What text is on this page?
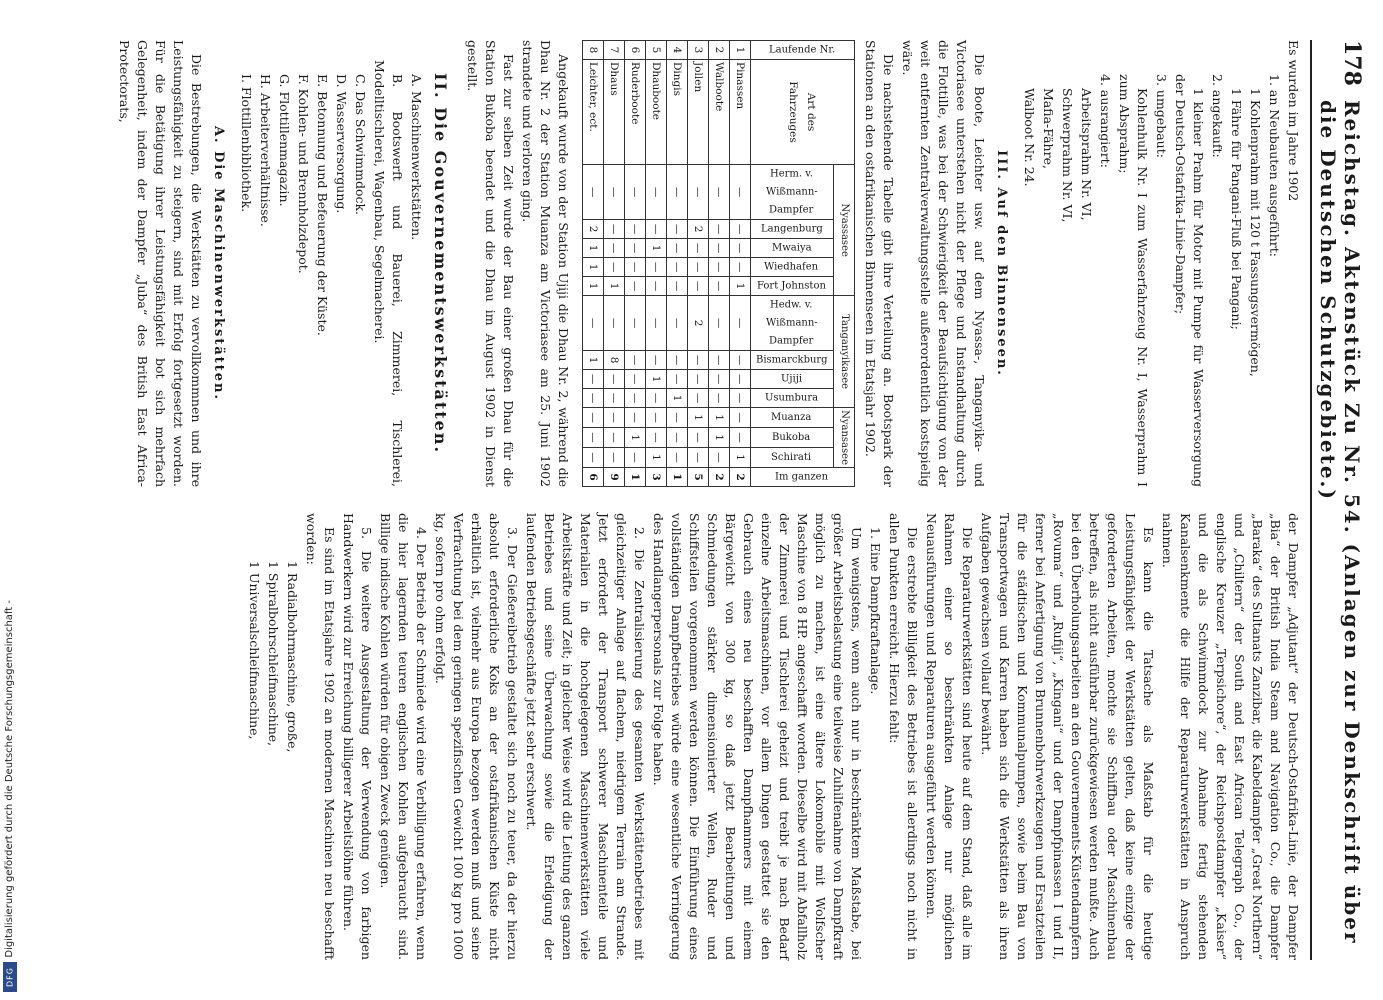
178
Reichstag. Aktenstück Zu Nr. 54. (Anlagen zur Denkschrift über die Deutschen Schutzgebiete.)

Es wurden im Jahre 1902

1. an Neubauten ausgeführt:

1 Kohlenprahm mit 120 t Fassungsvermögen,

1 Fähre für Pangani-Fluß bei Pangani;

2. angekauft:

1 kleiner Prahm für Motor mit Pumpe für Wasserversorgung der Deutsch-Ostafrika-Linie-Dampfer;

3. umgebaut:

Kohlenhulk Nr. I zum Wasserfahrzeug Nr. I, Wasserprahm I zum Absprahm;

4. ausrangiert:

Arbeitsprahm Nr. VI,

Schwerprahm Nr. VI,

Mafia-Fähre,

Walboot Nr. 24.

III. Auf den Binnenseen.

Die Boote, Leichter usw. auf dem Nyassa-, Tanganyika- und Victoriasee unterstehen nicht der Pflege und Instandhaltung durch die Flottille, was bei der Schwierigkeit der Beaufsichtigung von der weit entfernten Zentralverwaltungsstelle außerordentlich kostspielig wäre.

Die nachstehende Tabelle gibt ihre Verteilung an. Bootspark der Stationen an den ostafrikanischen Binnenseen im Etatsjahr 1902.

Laufende Nr.	Art des Fahrzeuges	Nyassasee					Tanganyikasee				Nyansasee			Im ganzen
		Herm. v. Wißmann-Dampfer	Langenburg	Mwaiya	Wiedhafen	Fort Johnston	Hedw. v. Wißmann-Dampfer	Bismarckburg	Ujiji	Usumbura	Muanza	Bukoba	Schirati	
1	Pinassen	—	—	—	—	1	—	—	—	—	—	—	1	2
2	Walboote	—	—	—	—	—	—	—	—	—	1	1	—	2
3	Jollen	—	2	—	—	—	2	—	—	—	1	—	—	5
4	Dingis	—	—	—	—	—	—	—	—	1	—	—	—	1
5	Dhauboote	—	—	1	—	—	—	—	1	—	—	—	1	3
6	Ruderboote	—	—	—	—	—	—	—	—	—	—	1	—	1
7	Dhaus	—	—	—	—	1	—	8	—	—	—	—	—	9
8	Leichter, ect.	—	2	1	1	1	—	1	—	—	—	—	—	6

Angekauft wurde von der Station Ujiji die Dhau Nr. 2, während die Dhau Nr. 2 der Station Muanza am Victoriasee am 25. Juni 1902 strandete und verloren ging.

Fast zur selben Zeit wurde der Bau einer großen Dhau für die Station Bukoba beendet und die Dhau im August 1902 in Dienst gestellt.

II. Die Gouvernementswerkstätten.

A. Maschinenwerkstätten.

B. Bootswerft und Bauerei, Zimmerei, Tischlerei, Modelltischlerei, Wagenbau, Segelmacherei.

C. Das Schwimmdock.

D. Wasserversorgung.

E. Betonnung und Befeuerung der Küste.

F. Kohlen- und Brennholzdepot.

G. Flottillenmagazin.

H. Arbeiterverhältnisse.

I. Flottillenbibliothek.

A. Die Maschinenwerkstätten.

Die Bestrebungen, die Werkstätten zu vervollkommnen und ihre Leistungsfähigkeit zu steigern, sind mit Erfolg fortgesetzt worden. Für die Betätigung ihrer Leistungsfähigkeit bot sich mehrfach Gelegenheit, indem der Dampfer „Juba“ des British East Africa-Protectorats,

der Dampfer „Adjutant“ der Deutsch-Ostafrika-Linie, der Dampfer „Bia“ der British India Steam and Navigation Co., die Dampfer „Baraka“ des Sultanats Zanzibar, die Kabeldampfer „Great Northern“ und „Chiltern“ der South and East African Telegraph Co., der englische Kreuzer „Terpsichore“, der Reichspostdampfer „Kaiser“ und die als Schwimmdock zur Abnahme fertig stehenden Kanalsenkmente die Hilfe der Reparaturwerkstätten in Anspruch nahmen.

Es kann die Tatsache als Maßstab für die heutige Leistungsfähigkeit der Werkstätten gelten, daß keine einzige der geforderten Arbeiten, mochte sie Schiffbau oder Maschinenbau betreffen, als nicht ausführbar zurückgewiesen werden mußte. Auch bei den Überholungsarbeiten an den Gouvernements-Küstendampfern „Rovuma“ und „Rufiji“, „Kingani“ und der Dampfpinassen I und II, ferner bei Anfertigung von Brunnenbohrwerkzeugen und Ersatzteilen für die städtischen und Kommunalpumpen, sowie beim Bau von Transportwagen und Karren haben sich die Werkstätten als ihren Aufgaben gewachsen vollauf bewährt.

Die Reparaturwerkstätten sind heute auf dem Stand, daß alle im Rahmen einer so beschränkten Anlage nur möglichen Neuausführungen und Reparaturen ausgeführt werden können.

Die erstrebte Billigkeit des Betriebes ist allerdings noch nicht in allen Punkten erreicht. Hierzu fehlt:

1. Eine Dampfkraftanlage.

Um wenigstens, wenn auch nur in beschränktem Maßstabe, bei größer Arbeitsbelastung eine teilweise Zuhilfenahme von Dampfkraft möglich zu machen, ist eine ältere Lokomobile mit Wolfscher Maschine von 8 HP. angeschafft worden. Dieselbe wird mit Abfallholz der Zimmerei und Tischlerei geheizt und treibt je nach Bedarf einzelne Arbeitsmaschinen, vor allem Dingen gestattet sie den Gebrauch eines neu beschafften Dampfhammers mit einem Bärgewicht von 300 kg, so daß jetzt Bearbeitungen und Schmiedungen stärker dimensionierter Wellen, Ruder und Schiffsteilen vorgenommen werden können. Die Einführung eines vollständigen Dampfbetriebes würde eine wesentliche Verringerung des Handlangerpersonals zur Folge haben.

2. Die Zentralisierung des gesamten Werkstättenbetriebes mit gleichzeitiger Anlage auf flachem, niedrigem Terrain am Strande. Jetzt erfordert der Transport schwerer Maschinenteile und Materialien in die hochgelegenen Maschinenwerkstätten viele Arbeitskräfte und Zeit; in gleicher Weise wird die Leitung des ganzen Betriebes und seine Überwachung sowie die Erledigung der laufenden Betriebsgeschäfte jetzt sehr erschwert.

3. Der Gießereibetrieb gestaltet sich noch zu teuer, da der hierzu absolut erforderliche Koks an der ostafrikanischen Küste nicht erhältlich ist, vielmehr aus Europa bezogen werden muß und seine Verfrachtung bei dem geringen spezifischen Gewicht 100 kg pro 1000 kg, sofern pro ohm erfolgt.

4. Der Betrieb der Schmiede wird eine Verbilligung erfahren, wenn die hier lagernden teuren englischen Kohlen aufgebraucht sind. Billige indische Kohlen würden für obigen Zweck genügen.

5. Die weitere Ausgestaltung der Verwendung von farbigen Handwerkern wird zur Erreichung billigerer Arbeitslöhne führen.

Es sind im Etatsjahre 1902 an modernen Maschinen neu beschafft worden:

1 Radialbohrmaschine, große,

1 Spiralbohrschleifmaschine,

1 Universalschleifmaschine,

Digitalisierung gefördert durch die Deutsche Forschungsgemeinschaft -
DFG
